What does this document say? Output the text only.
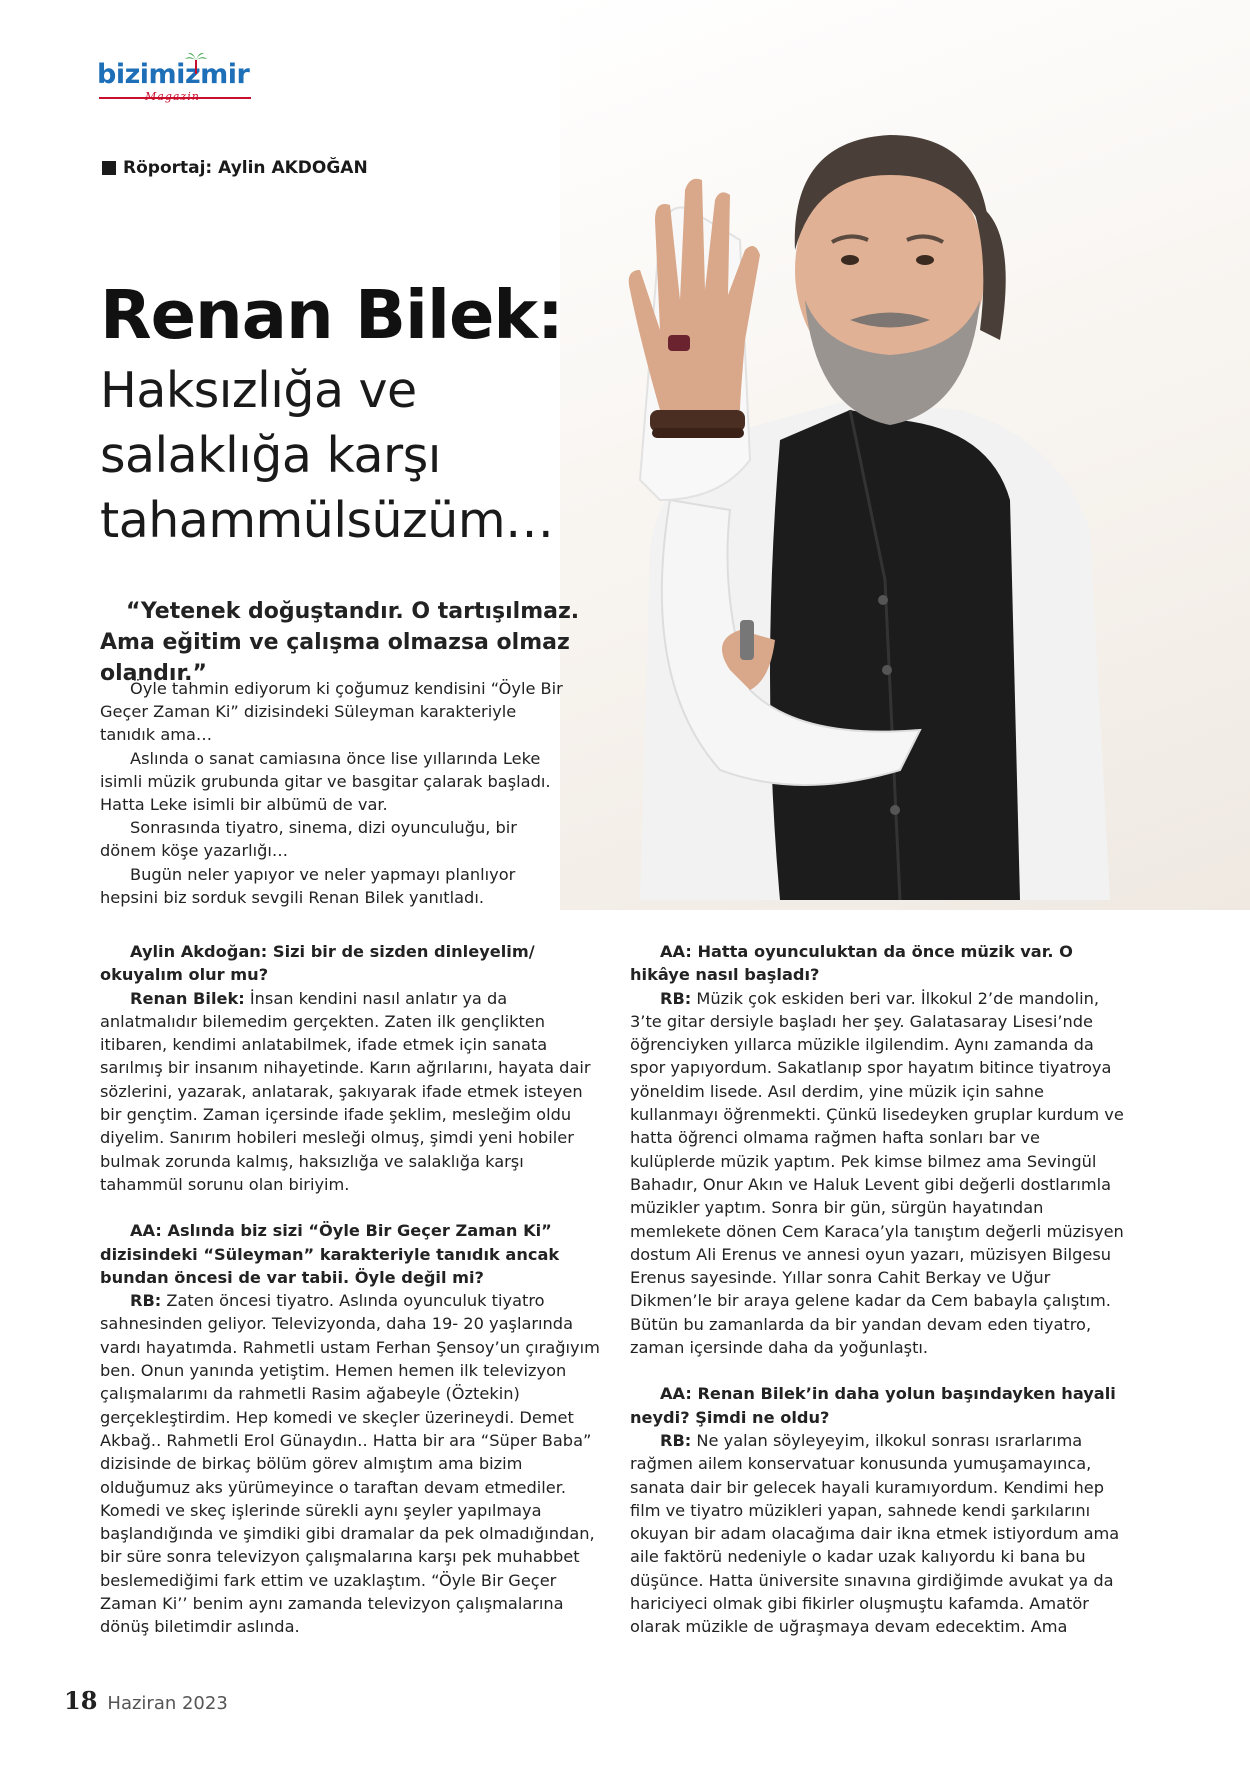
bizimizmir
Magazin
Röportaj: Aylin AKDOĞAN
Renan Bilek:
Haksızlığa ve
salaklığa karşı
tahammülsüzüm…
“Yetenek doğuştandır. O tartışılmaz. Ama eğitim ve çalışma olmazsa olmaz olandır.”

Öyle tahmin ediyorum ki çoğumuz kendisini “Öyle Bir Geçer Zaman Ki” dizisindeki Süleyman karakteriyle tanıdık ama…

Aslında o sanat camiasına önce lise yıllarında Leke isimli müzik grubunda gitar ve basgitar çalarak başladı. Hatta Leke isimli bir albümü de var.

Sonrasında tiyatro, sinema, dizi oyunculuğu, bir dönem köşe yazarlığı…

Bugün neler yapıyor ve neler yapmayı planlıyor hepsini biz sorduk sevgili Renan Bilek yanıtladı.

Aylin Akdoğan: Sizi bir de sizden dinleyelim/ okuyalım olur mu?

Renan Bilek: İnsan kendini nasıl anlatır ya da anlatmalıdır bilemedim gerçekten. Zaten ilk gençlikten itibaren, kendimi anlatabilmek, ifade etmek için sanata sarılmış bir insanım nihayetinde. Karın ağrılarını, hayata dair sözlerini, yazarak, anlatarak, şakıyarak ifade etmek isteyen bir gençtim. Zaman içersinde ifade şeklim, mesleğim oldu diyelim. Sanırım hobileri mesleği olmuş, şimdi yeni hobiler bulmak zorunda kalmış, haksızlığa ve salaklığa karşı tahammül sorunu olan biriyim.

AA: Aslında biz sizi “Öyle Bir Geçer Zaman Ki” dizisindeki “Süleyman” karakteriyle tanıdık ancak bundan öncesi de var tabii. Öyle değil mi?

RB: Zaten öncesi tiyatro. Aslında oyunculuk tiyatro sahnesinden geliyor. Televizyonda, daha 19- 20 yaşlarında vardı hayatımda. Rahmetli ustam Ferhan Şensoy’un çırağıyım ben. Onun yanında yetiştim. Hemen hemen ilk televizyon çalışmalarımı da rahmetli Rasim ağabeyle (Öztekin) gerçekleştirdim. Hep komedi ve skeçler üzerineydi. Demet Akbağ.. Rahmetli Erol Günaydın.. Hatta bir ara “Süper Baba” dizisinde de birkaç bölüm görev almıştım ama bizim olduğumuz aks yürümeyince o taraftan devam etmediler. Komedi ve skeç işlerinde sürekli aynı şeyler yapılmaya başlandığında ve şimdiki gibi dramalar da pek olmadığından, bir süre sonra televizyon çalışmalarına karşı pek muhabbet beslemediğimi fark ettim ve uzaklaştım. “Öyle Bir Geçer Zaman Ki’’ benim aynı zamanda televizyon çalışmalarına dönüş biletimdir aslında.

AA: Hatta oyunculuktan da önce müzik var. O hikâye nasıl başladı?

RB: Müzik çok eskiden beri var. İlkokul 2’de mandolin, 3’te gitar dersiyle başladı her şey. Galatasaray Lisesi’nde öğrenciyken yıllarca müzikle ilgilendim. Aynı zamanda da spor yapıyordum. Sakatlanıp spor hayatım bitince tiyatroya yöneldim lisede. Asıl derdim, yine müzik için sahne kullanmayı öğrenmekti. Çünkü lisedeyken gruplar kurdum ve hatta öğrenci olmama rağmen hafta sonları bar ve kulüplerde müzik yaptım. Pek kimse bilmez ama Sevingül Bahadır, Onur Akın ve Haluk Levent gibi değerli dostlarımla müzikler yaptım. Sonra bir gün, sürgün hayatından memlekete dönen Cem Karaca’yla tanıştım değerli müzisyen dostum Ali Erenus ve annesi oyun yazarı, müzisyen Bilgesu Erenus sayesinde. Yıllar sonra Cahit Berkay ve Uğur Dikmen’le bir araya gelene kadar da Cem babayla çalıştım. Bütün bu zamanlarda da bir yandan devam eden tiyatro, zaman içersinde daha da yoğunlaştı.

AA: Renan Bilek’in daha yolun başındayken hayali neydi? Şimdi ne oldu?

RB: Ne yalan söyleyeyim, ilkokul sonrası ısrarlarıma rağmen ailem konservatuar konusunda yumuşamayınca, sanata dair bir gelecek hayali kuramıyordum. Kendimi hep film ve tiyatro müzikleri yapan, sahnede kendi şarkılarını okuyan bir adam olacağıma dair ikna etmek istiyordum ama aile faktörü nedeniyle o kadar uzak kalıyordu ki bana bu düşünce. Hatta üniversite sınavına girdiğimde avukat ya da hariciyeci olmak gibi fikirler oluşmuştu kafamda. Amatör olarak müzikle de uğraşmaya devam edecektim. Ama

18 Haziran 2023
